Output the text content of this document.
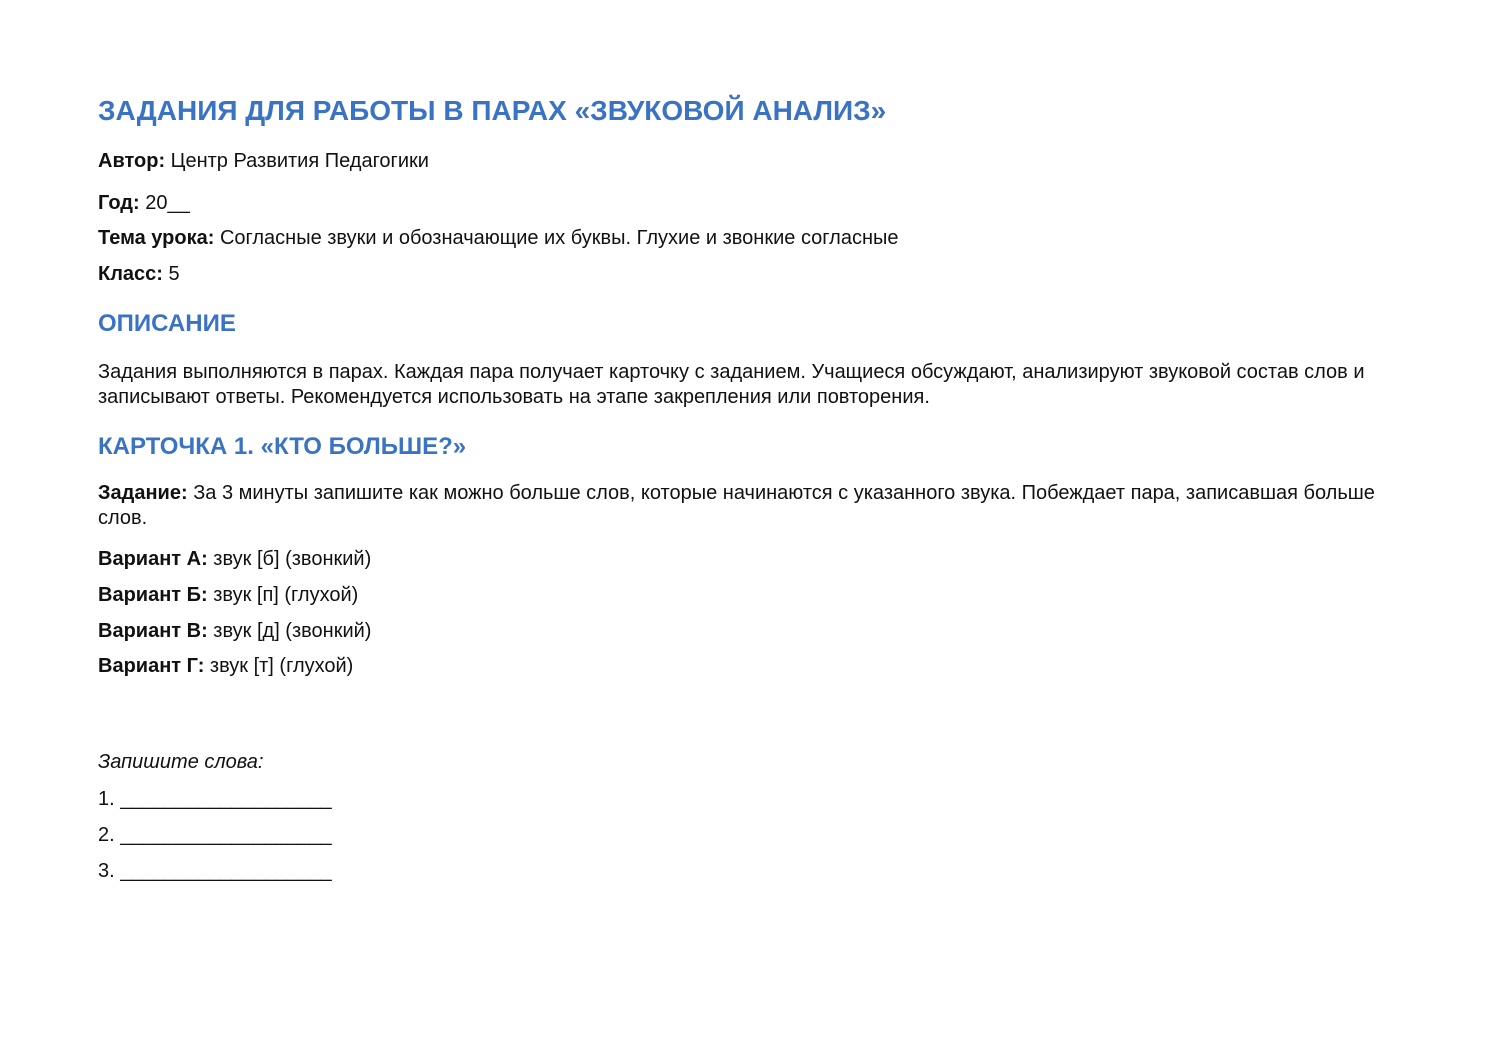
ЗАДАНИЯ ДЛЯ РАБОТЫ В ПАРАХ «ЗВУКОВОЙ АНАЛИЗ»

Автор: Центр Развития Педагогики

Год: 20__

Тема урока: Согласные звуки и обозначающие их буквы. Глухие и звонкие согласные

Класс: 5

ОПИСАНИЕ

Задания выполняются в парах. Каждая пара получает карточку с заданием. Учащиеся обсуждают, анализируют звуковой состав слов и записывают ответы. Рекомендуется использовать на этапе закрепления или повторения.

КАРТОЧКА 1. «КТО БОЛЬШЕ?»

Задание: За 3 минуты запишите как можно больше слов, которые начинаются с указанного звука. Побеждает пара, записавшая больше слов.

Вариант А: звук [б] (звонкий)

Вариант Б: звук [п] (глухой)

Вариант В: звук [д] (звонкий)

Вариант Г: звук [т] (глухой)

Запишите слова:

1. ___________________

2. ___________________

3. ___________________
